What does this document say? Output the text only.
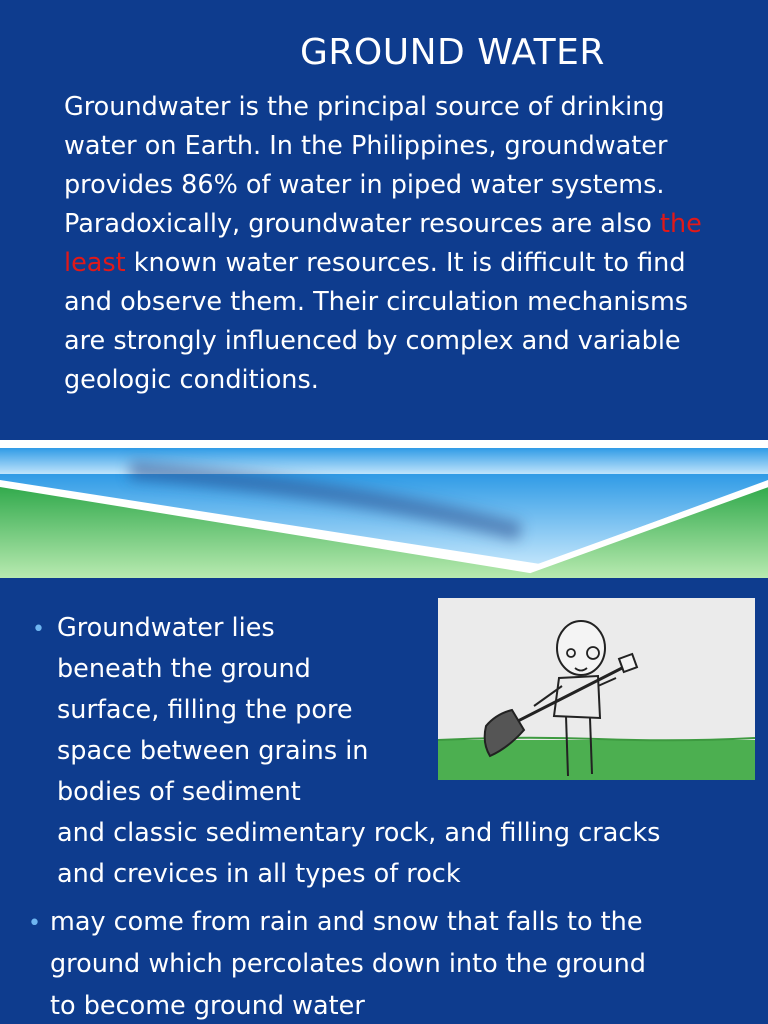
GROUND WATER

Groundwater is the principal source of drinking water on Earth. In the Philippines, groundwater provides 86% of water in piped water systems. Paradoxically, groundwater resources are also the least known water resources. It is difficult to find and observe them. Their circulation mechanisms are strongly influenced by complex and variable geologic conditions.

• Groundwater lies

beneath the ground

surface, filling the pore

space between grains in

bodies of sediment

and classic sedimentary rock, and filling cracks

and crevices in all types of rock

• may come from rain and snow that falls to the

ground which percolates down into the ground

to become ground water
